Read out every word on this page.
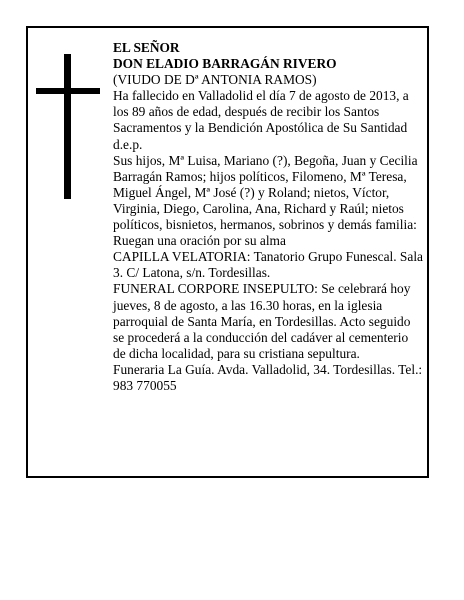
EL SEÑOR

DON ELADIO BARRAGÁN RIVERO

(VIUDO DE Dª ANTONIA RAMOS)

Ha fallecido en Valladolid el día 7 de agosto de 2013, a los 89 años de edad, después de recibir los Santos Sacramentos y la Bendición Apostólica de Su Santidad d.e.p.

Sus hijos, Mª Luisa, Mariano (?), Begoña, Juan y Cecilia Barragán Ramos; hijos políticos, Filomeno, Mª Teresa, Miguel Ángel, Mª José (?) y Roland; nietos, Víctor, Virginia, Diego, Carolina, Ana, Richard y Raúl; nietos políticos, bisnietos, hermanos, sobrinos y demás familia:

Ruegan una oración por su alma

CAPILLA VELATORIA: Tanatorio Grupo Funescal. Sala 3. C/ Latona, s/n. Tordesillas.

FUNERAL CORPORE INSEPULTO: Se celebrará hoy jueves, 8 de agosto, a las 16.30 horas, en la iglesia parroquial de Santa María, en Tordesillas. Acto seguido se procederá a la conducción del cadáver al cementerio de dicha localidad, para su cristiana sepultura.

Funeraria La Guía. Avda. Valladolid, 34. Tordesillas. Tel.: 983 770055
